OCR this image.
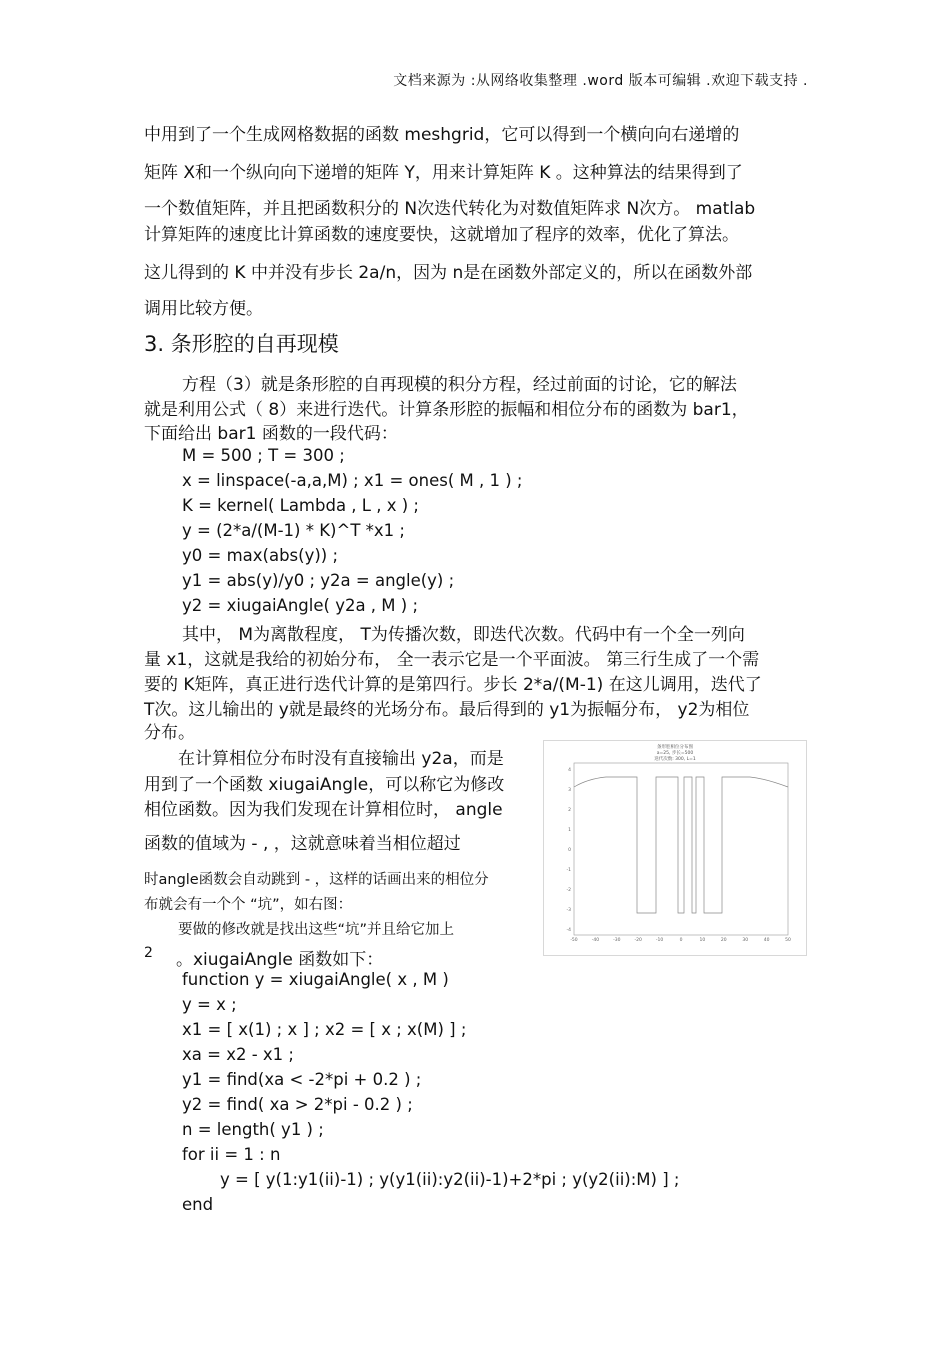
文档来源为 :从网络收集整理 .word 版本可编辑 .欢迎下载支持 .
中用到了一个生成网格数据的函数 meshgrid，它可以得到一个横向向右递增的
矩阵 X和一个纵向向下递增的矩阵 Y，用来计算矩阵 K 。这种算法的结果得到了
一个数值矩阵，并且把函数积分的 N次迭代转化为对数值矩阵求 N次方。 matlab
计算矩阵的速度比计算函数的速度要快，这就增加了程序的效率，优化了算法。
这儿得到的 K 中并没有步长 2a/n，因为 n是在函数外部定义的，所以在函数外部
调用比较方便。
3. 条形腔的自再现模
方程（3）就是条形腔的自再现模的积分方程，经过前面的讨论，它的解法
就是利用公式（ 8）来进行迭代。计算条形腔的振幅和相位分布的函数为 bar1，
下面给出 bar1 函数的一段代码：
M = 500 ; T = 300 ;
x = linspace(-a,a,M) ; x1 = ones( M , 1 ) ;
K = kernel( Lambda , L , x ) ;
y = (2*a/(M-1) * K)^T *x1 ;
y0 = max(abs(y)) ;
y1 = abs(y)/y0 ; y2a = angle(y) ;
y2 = xiugaiAngle( y2a , M ) ;
其中， M为离散程度， T为传播次数，即迭代次数。代码中有一个全一列向
量 x1，这就是我给的初始分布， 全一表示它是一个平面波。 第三行生成了一个需
要的 K矩阵，真正进行迭代计算的是第四行。步长 2*a/(M-1) 在这儿调用，迭代了
T次。这儿输出的 y就是最终的光场分布。最后得到的 y1为振幅分布， y2为相位
分布。
在计算相位分布时没有直接输出 y2a，而是
用到了一个函数 xiugaiAngle，可以称它为修改
相位函数。因为我们发现在计算相位时， angle
函数的值域为 - , ，这就意味着当相位超过
时angle函数会自动跳到 - ，这样的话画出来的相位分
布就会有一个个 “坑”，如右图：
要做的修改就是找出这些“坑”并且给它加上
。xiugaiAngle 函数如下：
2
条形腔相位分布图
a=25, 步长=500
迭代次数: 300, L=1
4
3
2
1
0
-1
-2
-3
-4
-50	-40	-30	-20	-10	0	10	20	30	40	50
function y = xiugaiAngle( x , M )
y = x ;
x1 = [ x(1) ; x ] ; x2 = [ x ; x(M) ] ;
xa = x2 - x1 ;
y1 = find(xa < -2*pi + 0.2 ) ;
y2 = find( xa > 2*pi - 0.2 ) ;
n = length( y1 ) ;
for ii = 1 : n
y = [ y(1:y1(ii)-1) ; y(y1(ii):y2(ii)-1)+2*pi ; y(y2(ii):M) ] ;
end
